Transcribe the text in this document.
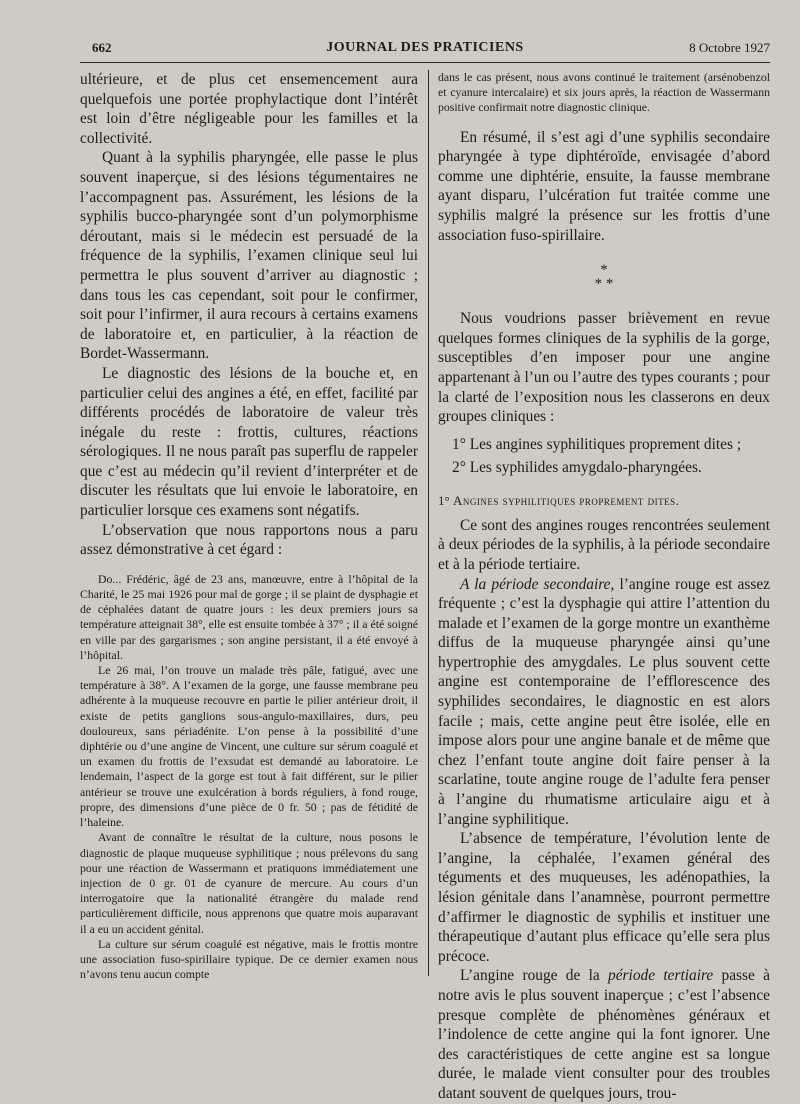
662	JOURNAL DES PRATICIENS	8 Octobre 1927

ultérieure, et de plus cet ensemencement aura quelquefois une portée prophylactique dont l’intérêt est loin d’être négligeable pour les familles et la collectivité.

Quant à la syphilis pharyngée, elle passe le plus souvent inaperçue, si des lésions tégumentaires ne l’accompagnent pas. Assurément, les lésions de la syphilis bucco-pharyngée sont d’un polymorphisme déroutant, mais si le médecin est persuadé de la fréquence de la syphilis, l’examen clinique seul lui permettra le plus souvent d’arriver au diagnostic ; dans tous les cas cependant, soit pour le confirmer, soit pour l’infirmer, il aura recours à certains examens de laboratoire et, en particulier, à la réaction de Bordet-Wassermann.

Le diagnostic des lésions de la bouche et, en particulier celui des angines a été, en effet, facilité par différents procédés de laboratoire de valeur très inégale du reste : frottis, cultures, réactions sérologiques. Il ne nous paraît pas superflu de rappeler que c’est au médecin qu’il revient d’interpréter et de discuter les résultats que lui envoie le laboratoire, en particulier lorsque ces examens sont négatifs.

L’observation que nous rapportons nous a paru assez démonstrative à cet égard :

Do... Frédéric, âgé de 23 ans, manœuvre, entre à l’hôpital de la Charité, le 25 mai 1926 pour mal de gorge ; il se plaint de dysphagie et de céphalées datant de quatre jours : les deux premiers jours sa température atteignait 38°, elle est ensuite tombée à 37° ; il a été soigné en ville par des gargarismes ; son angine persistant, il a été envoyé à l’hôpital.

Le 26 mai, l’on trouve un malade très pâle, fatigué, avec une température à 38°. A l’examen de la gorge, une fausse membrane peu adhérente à la muqueuse recouvre en partie le pilier antérieur droit, il existe de petits ganglions sous-angulo-maxillaires, durs, peu douloureux, sans périadénite. L’on pense à la possibilité d’une diphtérie ou d’une angine de Vincent, une culture sur sérum coagulé et un examen du frottis de l’exsudat est demandé au laboratoire. Le lendemain, l’aspect de la gorge est tout à fait différent, sur le pilier antérieur se trouve une exulcération à bords réguliers, à fond rouge, propre, des dimensions d’une pièce de 0 fr. 50 ; pas de fétidité de l’haleine.

Avant de connaître le résultat de la culture, nous posons le diagnostic de plaque muqueuse syphilitique ; nous prélevons du sang pour une réaction de Wassermann et pratiquons immédiatement une injection de 0 gr. 01 de cyanure de mercure. Au cours d’un interrogatoire que la nationalité étrangère du malade rend particulièrement difficile, nous apprenons que quatre mois auparavant il a eu un accident génital.

La culture sur sérum coagulé est négative, mais le frottis montre une association fuso-spirillaire typique. De ce dernier examen nous n’avons tenu aucun compte

dans le cas présent, nous avons continué le traitement (arsénobenzol et cyanure intercalaire) et six jours après, la réaction de Wassermann positive confirmait notre diagnostic clinique.

En résumé, il s’est agi d’une syphilis secondaire pharyngée à type diphtéroïde, envisagée d’abord comme une diphtérie, ensuite, la fausse membrane ayant disparu, l’ulcération fut traitée comme une syphilis malgré la présence sur les frottis d’une association fuso-spirillaire.

*
* *

Nous voudrions passer brièvement en revue quelques formes cliniques de la syphilis de la gorge, susceptibles d’en imposer pour une angine appartenant à l’un ou l’autre des types courants ; pour la clarté de l’exposition nous les classerons en deux groupes cliniques :

1° Les angines syphilitiques proprement dites ;
2° Les syphilides amygdalo-pharyngées.

1° Angines syphilitiques proprement dites.

Ce sont des angines rouges rencontrées seulement à deux périodes de la syphilis, à la période secondaire et à la période tertiaire.

A la période secondaire, l’angine rouge est assez fréquente ; c’est la dysphagie qui attire l’attention du malade et l’examen de la gorge montre un exanthème diffus de la muqueuse pharyngée ainsi qu’une hypertrophie des amygdales. Le plus souvent cette angine est contemporaine de l’efflorescence des syphilides secondaires, le diagnostic en est alors facile ; mais, cette angine peut être isolée, elle en impose alors pour une angine banale et de même que chez l’enfant toute angine doit faire penser à la scarlatine, toute angine rouge de l’adulte fera penser à l’angine du rhumatisme articulaire aigu et à l’angine syphilitique.

L’absence de température, l’évolution lente de l’angine, la céphalée, l’examen général des téguments et des muqueuses, les adénopathies, la lésion génitale dans l’anamnèse, pourront permettre d’affirmer le diagnostic de syphilis et instituer une thérapeutique d’autant plus efficace qu’elle sera plus précoce.

L’angine rouge de la période tertiaire passe à notre avis le plus souvent inaperçue ; c’est l’absence presque complète de phénomènes généraux et l’indolence de cette angine qui la font ignorer. Une des caractéristiques de cette angine est sa longue durée, le malade vient consulter pour des troubles datant souvent de quelques jours, trou-
